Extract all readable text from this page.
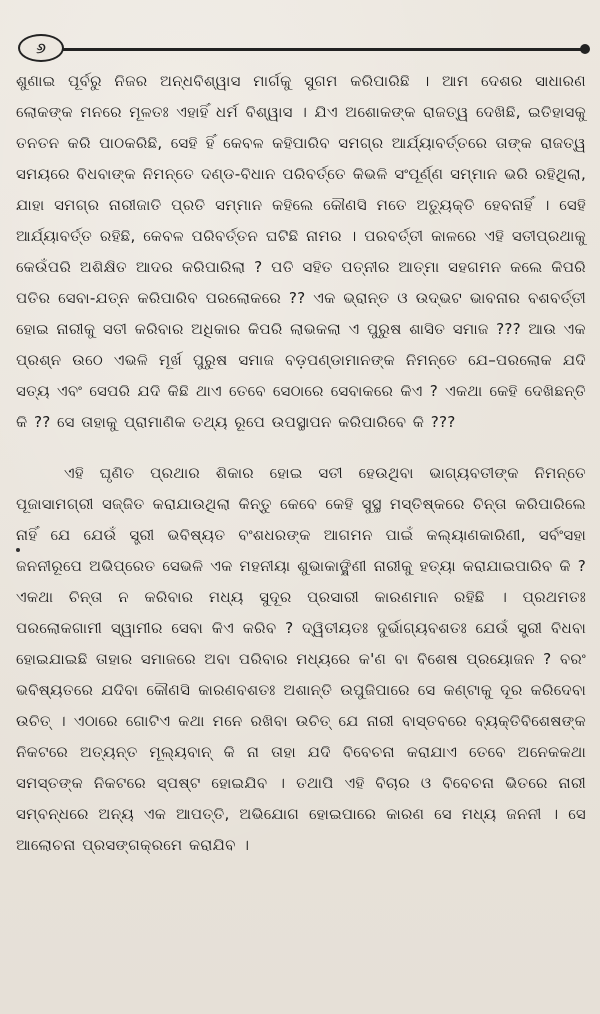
୬

ଶୁଣାଇ ପୂର୍ବରୁ ନିଜର ଅନ୍ଧବିଶ୍ୱାସ ମାର୍ଗକୁ ସୁଗମ କରିପାରିଛି । ଆମ ଦେଶର ସାଧାରଣ ଲୋକଙ୍କ ମନରେ ମୂଳତଃ ଏହାହିଁ ଧର୍ମ ବିଶ୍ୱାସ । ଯିଏ ଅଶୋକଙ୍କ ରାଜତ୍ୱ ଦେଖିଛି, ଇତିହାସକୁ ତନତନ କରି ପାଠକରିଛି, ସେହି ହିଁ କେବଳ କହିପାରିବ ସମଗ୍ର ଆର୍ଯ୍ୟାବର୍ତ୍ତରେ ତାଙ୍କ ରାଜତ୍ୱ ସମୟରେ ବିଧବାଙ୍କ ନିମନ୍ତେ ଦଣ୍ଡ-ବିଧାନ ପରିବର୍ତ୍ତେ କିଭଳି ସଂପୂର୍ଣ୍ଣ ସମ୍ମାନ ଭରି ରହିଥିଲା, ଯାହା ସମଗ୍ର ନାରୀଜାତି ପ୍ରତି ସମ୍ମାନ କହିଲେ କୌଣସି ମତେ ଅତ୍ୟୁକ୍ତି ହେବନାହିଁ । ସେହି ଆର୍ଯ୍ୟାବର୍ତ୍ତ ରହିଛି, କେବଳ ପରିବର୍ତ୍ତନ ଘଟିଛି ନାମର । ପରବର୍ତ୍ତୀ କାଳରେ ଏହି ସତୀପ୍ରଥାକୁ କେଉଁପରି ଅଶିକ୍ଷିତ ଆଦର କରିପାରିଲା ? ପତି ସହିତ ପତ୍ନୀର ଆତ୍ମା ସହଗମନ କଲେ କିପରି ପତିର ସେବା-ଯତ୍ନ କରିପାରିବ ପରଲୋକରେ ?? ଏକ ଭ୍ରାନ୍ତ ଓ ଉଦ୍ଭଟ ଭାବନାର ବଶବର୍ତ୍ତୀ ହୋଇ ନାରୀକୁ ସତୀ କରିବାର ଅଧିକାର କିପରି ଲାଭକଲା ଏ ପୁରୁଷ ଶାସିତ ସମାଜ ??? ଆଉ ଏକ ପ୍ରଶ୍ନ ଉଠେ ଏଭଳି ମୂର୍ଖ ପୁରୁଷ ସମାଜ ବଡ଼ପଣ୍ଡାମାନଙ୍କ ନିମନ୍ତେ ଯେ–ପରଲୋକ ଯଦି ସତ୍ୟ ଏବଂ ସେପରି ଯଦି କିଛି ଥାଏ ତେବେ ସେଠାରେ ସେବାକରେ କିଏ ? ଏକଥା କେହି ଦେଖିଛନ୍ତି କି ?? ସେ ତାହାକୁ ପ୍ରାମାଣିକ ତଥ୍ୟ ରୂପେ ଉପସ୍ଥାପନ କରିପାରିବେ କି ???

ଏହି ଘୃଣିତ ପ୍ରଥାର ଶିକାର ହୋଇ ସତୀ ହେଉଥିବା ଭାଗ୍ୟବତୀଙ୍କ ନିମନ୍ତେ ପୂଜାସାମଗ୍ରୀ ସଜ୍ଜିତ କରାଯାଉଥିଲା କିନ୍ତୁ କେବେ କେହି ସୁସ୍ଥ ମସ୍ତିଷ୍କରେ ଚିନ୍ତା କରିପାରିଲେ ନାହିଁ ଯେ ଯେଉଁ ସ୍ତ୍ରୀ ଭବିଷ୍ୟତ ବଂଶଧରଙ୍କ ଆଗମନ ପାଇଁ କଲ୍ୟାଣକାରିଣୀ, ସର୍ବଂସହା ଜନନୀରୂପେ ଅଭିପ୍ରେତ ସେଭଳି ଏକ ମହନୀୟା ଶୁଭାକାଙ୍କ୍ଷିଣୀ ନାରୀକୁ ହତ୍ୟା କରାଯାଇପାରିବ କି ? ଏକଥା ଚିନ୍ତା ନ କରିବାର ମଧ୍ୟ ସୁଦୂର ପ୍ରସାରୀ କାରଣମାନ ରହିଛି । ପ୍ରଥମତଃ ପରଲୋକଗାମୀ ସ୍ୱାମୀର ସେବା କିଏ କରିବ ? ଦ୍ୱିତୀୟତଃ ଦୁର୍ଭାଗ୍ୟବଶତଃ ଯେଉଁ ସ୍ତ୍ରୀ ବିଧବା ହୋଇଯାଇଛି ତାହାର ସମାଜରେ ଅବା ପରିବାର ମଧ୍ୟରେ କ'ଣ ବା ବିଶେଷ ପ୍ରୟୋଜନ ? ବରଂ ଭବିଷ୍ୟତରେ ଯଦିବା କୌଣସି କାରଣବଶତଃ ଅଶାନ୍ତି ଉପୁଜିପାରେ ସେ କଣ୍ଟାକୁ ଦୂର କରିଦେବା ଉଚିତ୍ । ଏଠାରେ ଗୋଟିଏ କଥା ମନେ ରଖିବା ଉଚିତ୍ ଯେ ନାରୀ ବାସ୍ତବରେ ବ୍ୟକ୍ତିବିଶେଷଙ୍କ ନିକଟରେ ଅତ୍ୟନ୍ତ ମୂଲ୍ୟବାନ୍ କି ନା ତାହା ଯଦି ବିବେଚନା କରାଯାଏ ତେବେ ଅନେକକଥା ସମସ୍ତଙ୍କ ନିକଟରେ ସ୍ପଷ୍ଟ ହୋଇଯିବ । ତଥାପି ଏହି ବିଚାର ଓ ବିବେଚନା ଭିତରେ ନାରୀ ସମ୍ବନ୍ଧରେ ଅନ୍ୟ ଏକ ଆପତ୍ତି, ଅଭିଯୋଗ ହୋଇପାରେ କାରଣ ସେ ମଧ୍ୟ ଜନନୀ । ସେ ଆଲୋଚନା ପ୍ରସଙ୍ଗକ୍ରମେ କରାଯିବ ।
